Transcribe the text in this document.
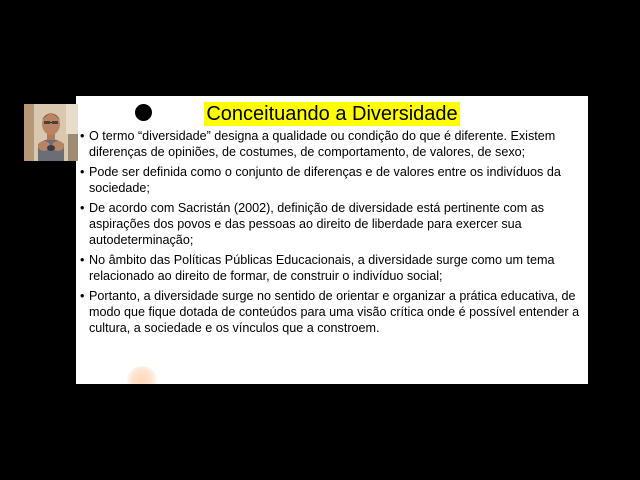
Conceituando a Diversidade
• O termo “diversidade” designa a qualidade ou condição do que é diferente. Existem diferenças de opiniões, de costumes, de comportamento, de valores, de sexo;
• Pode ser definida como o conjunto de diferenças e de valores entre os indivíduos da sociedade;
• De acordo com Sacristán (2002), definição de diversidade está pertinente com as aspirações dos povos e das pessoas ao direito de liberdade para exercer sua autodeterminação;
• No âmbito das Políticas Públicas Educacionais, a diversidade surge como um tema relacionado ao direito de formar, de construir o indivíduo social;
• Portanto, a diversidade surge no sentido de orientar e organizar a prática educativa, de modo que fique dotada de conteúdos para uma visão crítica onde é possível entender a cultura, a sociedade e os vínculos que a constroem.
